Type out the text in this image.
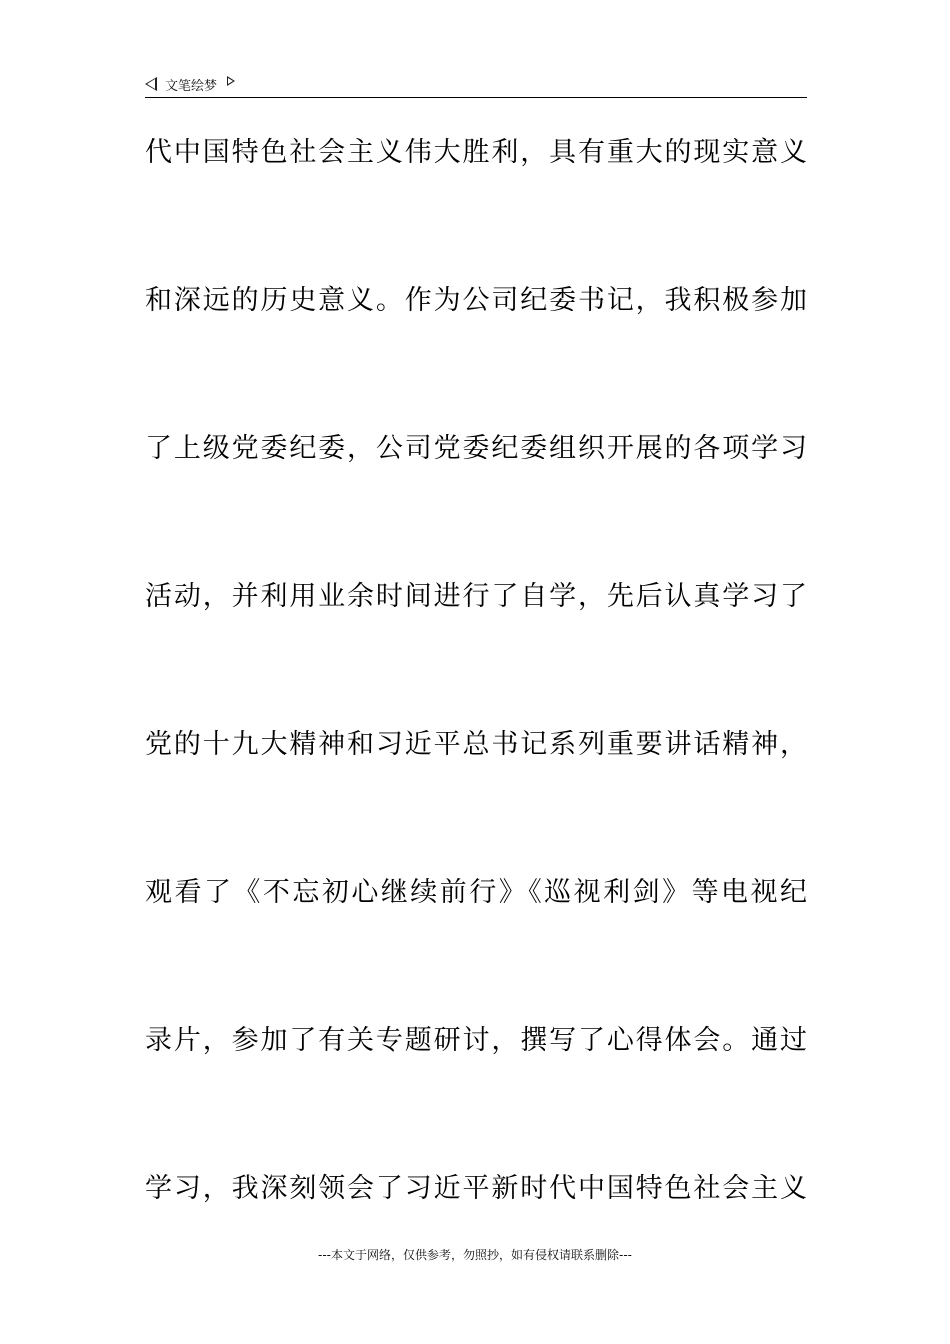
文笔绘梦
代中国特色社会主义伟大胜利，具有重大的现实意义
和深远的历史意义。作为公司纪委书记，我积极参加
了上级党委纪委，公司党委纪委组织开展的各项学习
活动，并利用业余时间进行了自学，先后认真学习了
党的十九大精神和习近平总书记系列重要讲话精神，
观看了《不忘初心继续前行》《巡视利剑》等电视纪
录片，参加了有关专题研讨，撰写了心得体会。通过
学习，我深刻领会了习近平新时代中国特色社会主义
---本文于网络，仅供参考，勿照抄，如有侵权请联系删除---
